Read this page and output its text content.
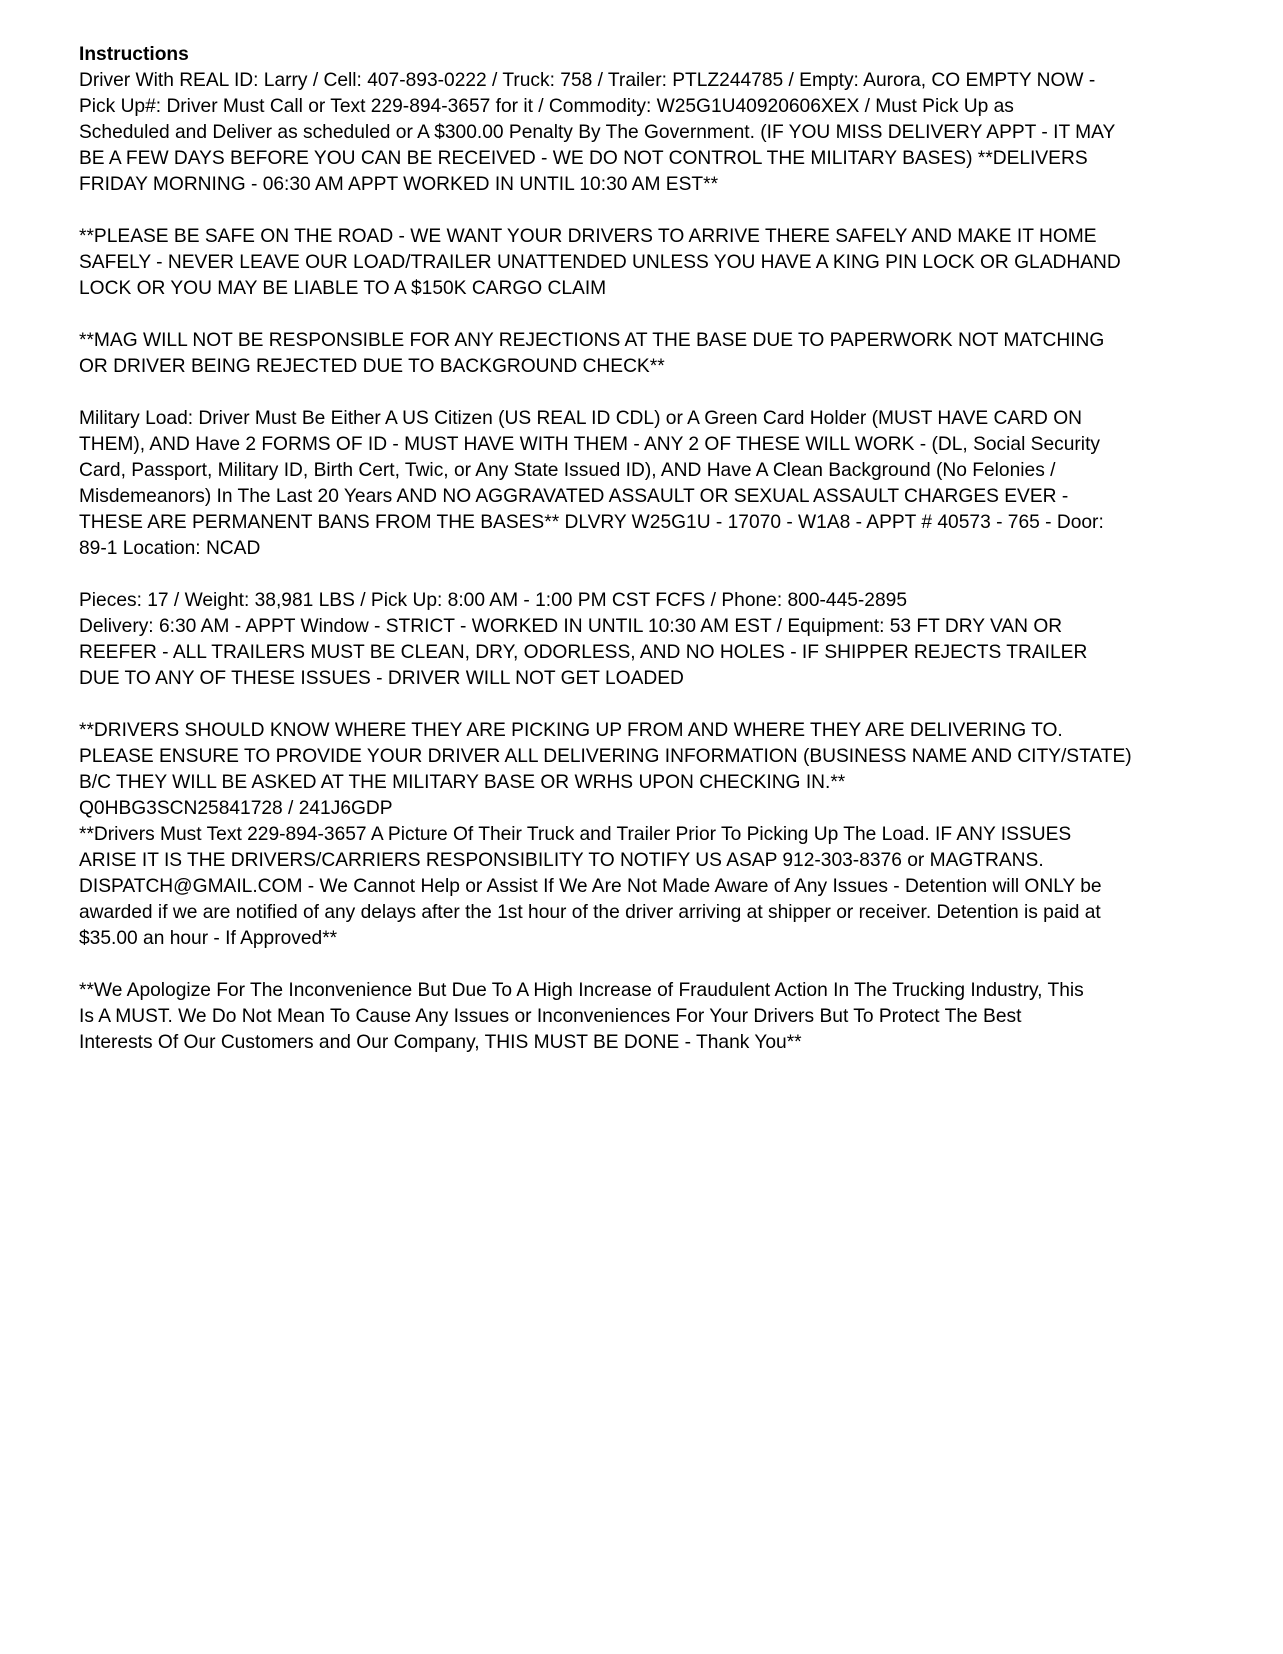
Instructions
Driver With REAL ID: Larry / Cell: 407-893-0222 / Truck: 758 / Trailer: PTLZ244785 / Empty: Aurora, CO EMPTY NOW -
Pick Up#: Driver Must Call or Text 229-894-3657 for it / Commodity: W25G1U40920606XEX / Must Pick Up as
Scheduled and Deliver as scheduled or A $300.00 Penalty By The Government. (IF YOU MISS DELIVERY APPT - IT MAY
BE A FEW DAYS BEFORE YOU CAN BE RECEIVED - WE DO NOT CONTROL THE MILITARY BASES) **DELIVERS
FRIDAY MORNING - 06:30 AM APPT WORKED IN UNTIL 10:30 AM EST**
**PLEASE BE SAFE ON THE ROAD - WE WANT YOUR DRIVERS TO ARRIVE THERE SAFELY AND MAKE IT HOME
SAFELY - NEVER LEAVE OUR LOAD/TRAILER UNATTENDED UNLESS YOU HAVE A KING PIN LOCK OR GLADHAND
LOCK OR YOU MAY BE LIABLE TO A $150K CARGO CLAIM
**MAG WILL NOT BE RESPONSIBLE FOR ANY REJECTIONS AT THE BASE DUE TO PAPERWORK NOT MATCHING
OR DRIVER BEING REJECTED DUE TO BACKGROUND CHECK**
Military Load: Driver Must Be Either A US Citizen (US REAL ID CDL) or A Green Card Holder (MUST HAVE CARD ON
THEM), AND Have 2 FORMS OF ID - MUST HAVE WITH THEM - ANY 2 OF THESE WILL WORK - (DL, Social Security
Card, Passport, Military ID, Birth Cert, Twic, or Any State Issued ID), AND Have A Clean Background (No Felonies /
Misdemeanors) In The Last 20 Years AND NO AGGRAVATED ASSAULT OR SEXUAL ASSAULT CHARGES EVER -
THESE ARE PERMANENT BANS FROM THE BASES** DLVRY W25G1U - 17070 - W1A8 - APPT # 40573 - 765 - Door:
89-1 Location: NCAD
Pieces: 17 / Weight: 38,981 LBS / Pick Up: 8:00 AM - 1:00 PM CST FCFS / Phone: 800-445-2895
Delivery: 6:30 AM - APPT Window - STRICT - WORKED IN UNTIL 10:30 AM EST / Equipment: 53 FT DRY VAN OR
REEFER - ALL TRAILERS MUST BE CLEAN, DRY, ODORLESS, AND NO HOLES - IF SHIPPER REJECTS TRAILER
DUE TO ANY OF THESE ISSUES - DRIVER WILL NOT GET LOADED
**DRIVERS SHOULD KNOW WHERE THEY ARE PICKING UP FROM AND WHERE THEY ARE DELIVERING TO.
PLEASE ENSURE TO PROVIDE YOUR DRIVER ALL DELIVERING INFORMATION (BUSINESS NAME AND CITY/STATE)
B/C THEY WILL BE ASKED AT THE MILITARY BASE OR WRHS UPON CHECKING IN.**
Q0HBG3SCN25841728 / 241J6GDP
**Drivers Must Text 229-894-3657 A Picture Of Their Truck and Trailer Prior To Picking Up The Load. IF ANY ISSUES
ARISE IT IS THE DRIVERS/CARRIERS RESPONSIBILITY TO NOTIFY US ASAP 912-303-8376 or MAGTRANS.
DISPATCH@GMAIL.COM - We Cannot Help or Assist If We Are Not Made Aware of Any Issues - Detention will ONLY be
awarded if we are notified of any delays after the 1st hour of the driver arriving at shipper or receiver. Detention is paid at
$35.00 an hour - If Approved**
**We Apologize For The Inconvenience But Due To A High Increase of Fraudulent Action In The Trucking Industry, This
Is A MUST. We Do Not Mean To Cause Any Issues or Inconveniences For Your Drivers But To Protect The Best
Interests Of Our Customers and Our Company, THIS MUST BE DONE - Thank You**
